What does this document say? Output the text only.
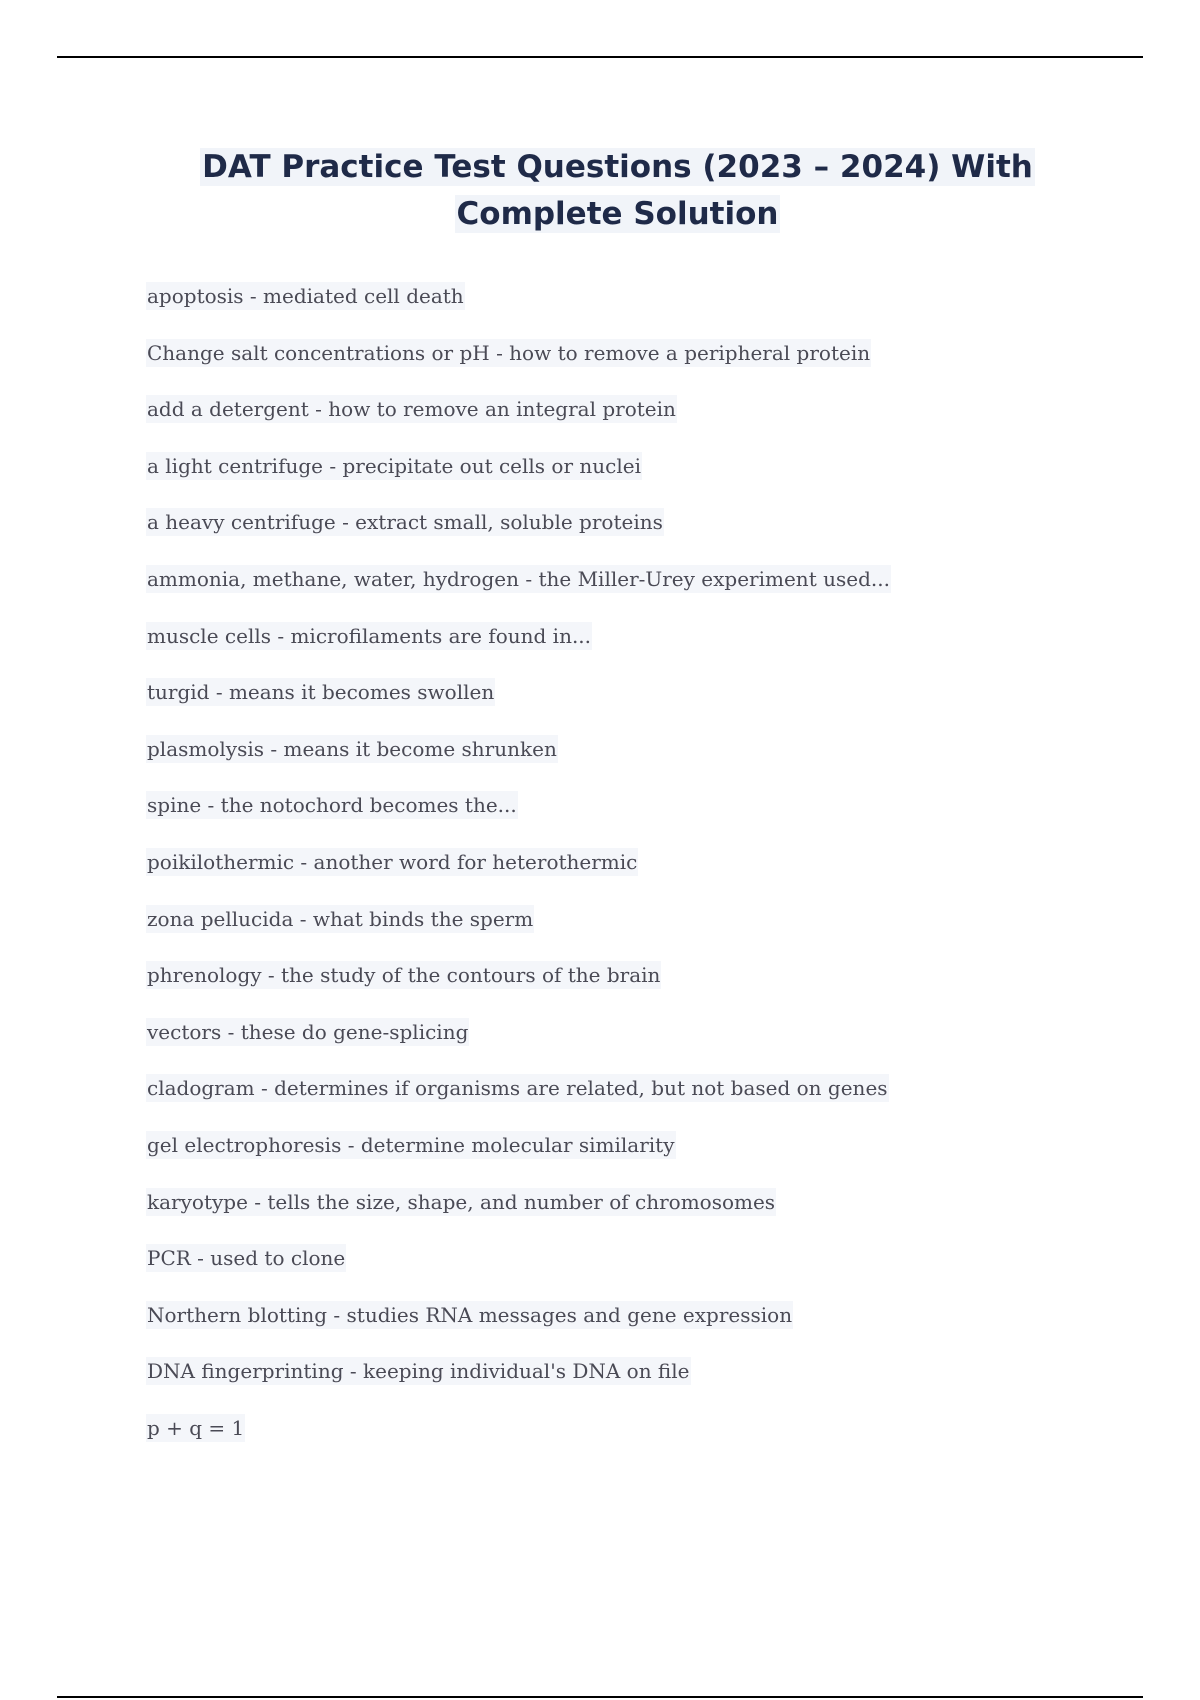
DAT Practice Test Questions (2023 – 2024) With
Complete Solution
apoptosis - mediated cell death
Change salt concentrations or pH - how to remove a peripheral protein
add a detergent - how to remove an integral protein
a light centrifuge - precipitate out cells or nuclei
a heavy centrifuge - extract small, soluble proteins
ammonia, methane, water, hydrogen - the Miller-Urey experiment used...
muscle cells - microfilaments are found in...
turgid - means it becomes swollen
plasmolysis - means it become shrunken
spine - the notochord becomes the...
poikilothermic - another word for heterothermic
zona pellucida - what binds the sperm
phrenology - the study of the contours of the brain
vectors - these do gene-splicing
cladogram - determines if organisms are related, but not based on genes
gel electrophoresis - determine molecular similarity
karyotype - tells the size, shape, and number of chromosomes
PCR - used to clone
Northern blotting - studies RNA messages and gene expression
DNA fingerprinting - keeping individual's DNA on file
p + q = 1
